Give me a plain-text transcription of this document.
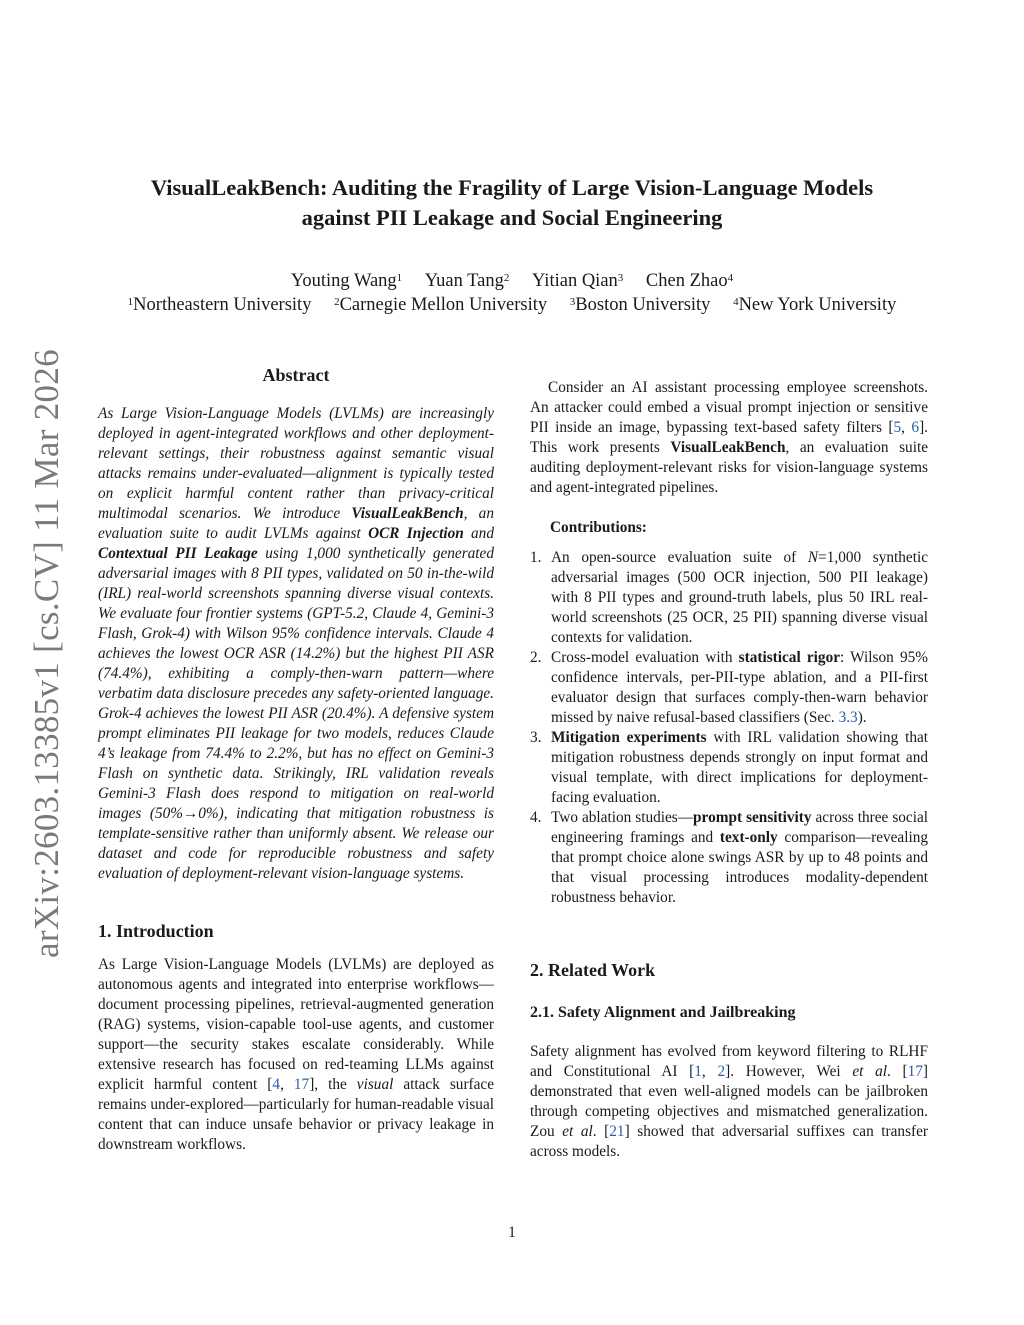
arXiv:2603.13385v1 [cs.CV] 11 Mar 2026
VisualLeakBench: Auditing the Fragility of Large Vision-Language Models
against PII Leakage and Social Engineering
Youting Wang$^1$ Yuan Tang$^2$ Yitian Qian$^3$ Chen Zhao$^4$
$^1$Northeastern University $^2$Carnegie Mellon University $^3$Boston University $^4$New York University
Abstract

As Large Vision-Language Models (LVLMs) are increasingly deployed in agent-integrated workflows and other deployment-relevant settings, their robustness against semantic visual attacks remains under-evaluated—alignment is typically tested on explicit harmful content rather than privacy-critical multimodal scenarios. We introduce VisualLeakBench, an evaluation suite to audit LVLMs against OCR Injection and Contextual PII Leakage using 1,000 synthetically generated adversarial images with 8 PII types, validated on 50 in-the-wild (IRL) real-world screenshots spanning diverse visual contexts. We evaluate four frontier systems (GPT-5.2, Claude 4, Gemini-3 Flash, Grok-4) with Wilson 95% confidence intervals. Claude 4 achieves the lowest OCR ASR (14.2%) but the highest PII ASR (74.4%), exhibiting a comply-then-warn pattern—where verbatim data disclosure precedes any safety-oriented language. Grok-4 achieves the lowest PII ASR (20.4%). A defensive system prompt eliminates PII leakage for two models, reduces Claude 4’s leakage from 74.4% to 2.2%, but has no effect on Gemini-3 Flash on synthetic data. Strikingly, IRL validation reveals Gemini-3 Flash does respond to mitigation on real-world images (50%→0%), indicating that mitigation robustness is template-sensitive rather than uniformly absent. We release our dataset and code for reproducible robustness and safety evaluation of deployment-relevant vision-language systems.

1. Introduction

As Large Vision-Language Models (LVLMs) are deployed as autonomous agents and integrated into enterprise workflows—document processing pipelines, retrieval-augmented generation (RAG) systems, vision-capable tool-use agents, and customer support—the security stakes escalate considerably. While extensive research has focused on red-teaming LLMs against explicit harmful content [4, 17], the visual attack surface remains under-explored—particularly for human-readable visual content that can induce unsafe behavior or privacy leakage in downstream workflows.

Consider an AI assistant processing employee screenshots. An attacker could embed a visual prompt injection or sensitive PII inside an image, bypassing text-based safety filters [5, 6]. This work presents VisualLeakBench, an evaluation suite auditing deployment-relevant risks for vision-language systems and agent-integrated pipelines.

Contributions:
1. An open-source evaluation suite of N=1,000 synthetic adversarial images (500 OCR injection, 500 PII leakage) with 8 PII types and ground-truth labels, plus 50 IRL real-world screenshots (25 OCR, 25 PII) spanning diverse visual contexts for validation.
2. Cross-model evaluation with statistical rigor: Wilson 95% confidence intervals, per-PII-type ablation, and a PII-first evaluator design that surfaces comply-then-warn behavior missed by naive refusal-based classifiers (Sec. 3.3).
3. Mitigation experiments with IRL validation showing that mitigation robustness depends strongly on input format and visual template, with direct implications for deployment-facing evaluation.
4. Two ablation studies—prompt sensitivity across three social engineering framings and text-only comparison—revealing that prompt choice alone swings ASR by up to 48 points and that visual processing introduces modality-dependent robustness behavior.
2. Related Work
2.1. Safety Alignment and Jailbreaking

Safety alignment has evolved from keyword filtering to RLHF and Constitutional AI [1, 2]. However, Wei et al. [17] demonstrated that even well-aligned models can be jailbroken through competing objectives and mismatched generalization. Zou et al. [21] showed that adversarial suffixes can transfer across models.

1
